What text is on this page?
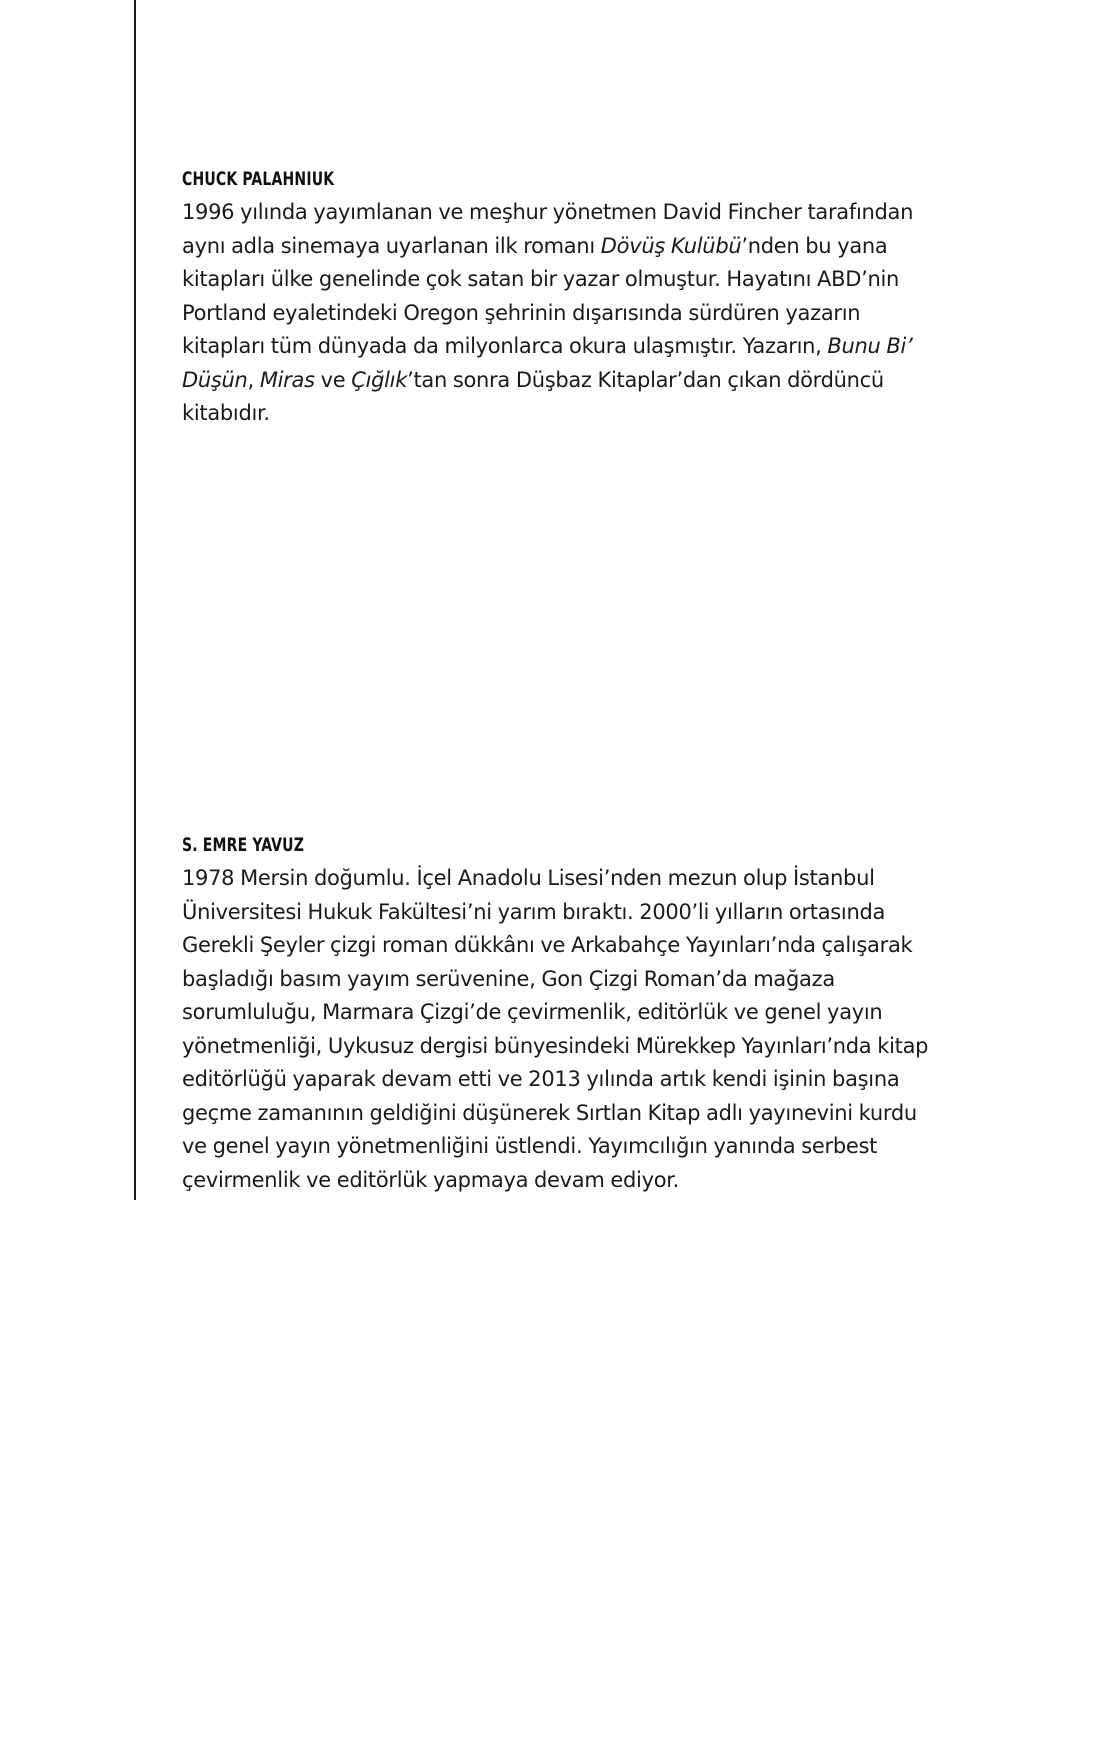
CHUCK PALAHNIUK

1996 yılında yayımlanan ve meşhur yönetmen David Fincher tarafından aynı adla sinemaya uyarlanan ilk romanı Dövüş Kulübü’nden bu yana kitapları ülke genelinde çok satan bir yazar olmuştur. Hayatını ABD’nin Portland eyaletindeki Oregon şehrinin dışarısında sürdüren yazarın kitapları tüm dünyada da milyonlarca okura ulaşmıştır. Yazarın, Bunu Bi’ Düşün, Miras ve Çığlık’tan sonra Düşbaz Kitaplar’dan çıkan dördüncü kitabıdır.

S. EMRE YAVUZ

1978 Mersin doğumlu. İçel Anadolu Lisesi’nden mezun olup İstanbul Üniversitesi Hukuk Fakültesi’ni yarım bıraktı. 2000’li yılların ortasında Gerekli Şeyler çizgi roman dükkânı ve Arkabahçe Yayınları’nda çalışarak başladığı basım yayım serüvenine, Gon Çizgi Roman’da mağaza sorumluluğu, Marmara Çizgi’de çevirmenlik, editörlük ve genel yayın yönetmenliği, Uykusuz dergisi bünyesindeki Mürekkep Yayınları’nda kitap editörlüğü yaparak devam etti ve 2013 yılında artık kendi işinin başına geçme zamanının geldiğini düşünerek Sırtlan Kitap adlı yayınevini kurdu ve genel yayın yönetmenliğini üstlendi. Yayımcılığın yanında serbest çevirmenlik ve editörlük yapmaya devam ediyor.
